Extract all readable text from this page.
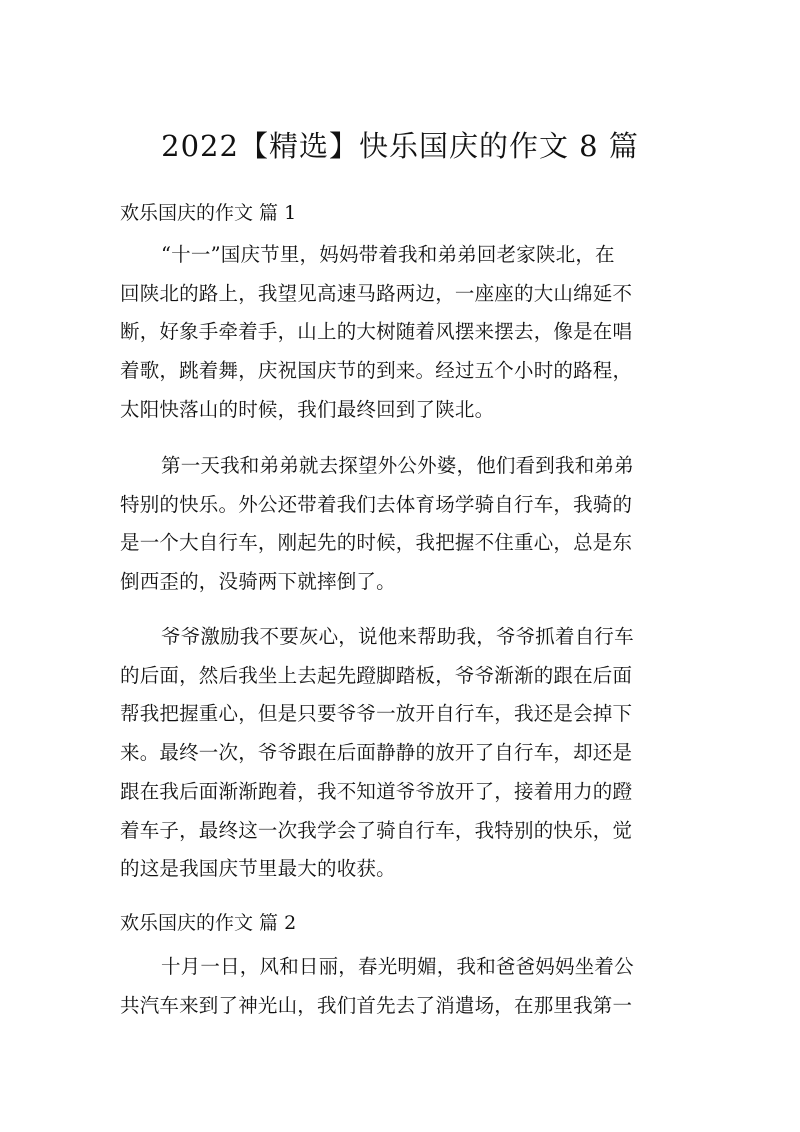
2022【精选】快乐国庆的作文 8 篇
欢乐国庆的作文 篇 1
“十一”国庆节里，妈妈带着我和弟弟回老家陕北，在
回陕北的路上，我望见高速马路两边，一座座的大山绵延不
断，好象手牵着手，山上的大树随着风摆来摆去，像是在唱
着歌，跳着舞，庆祝国庆节的到来。经过五个小时的路程，
太阳快落山的时候，我们最终回到了陕北。
第一天我和弟弟就去探望外公外婆，他们看到我和弟弟
特别的快乐。外公还带着我们去体育场学骑自行车，我骑的
是一个大自行车，刚起先的时候，我把握不住重心，总是东
倒西歪的，没骑两下就摔倒了。
爷爷激励我不要灰心，说他来帮助我，爷爷抓着自行车
的后面，然后我坐上去起先蹬脚踏板，爷爷渐渐的跟在后面
帮我把握重心，但是只要爷爷一放开自行车，我还是会掉下
来。最终一次，爷爷跟在后面静静的放开了自行车，却还是
跟在我后面渐渐跑着，我不知道爷爷放开了，接着用力的蹬
着车子，最终这一次我学会了骑自行车，我特别的快乐，觉
的这是我国庆节里最大的收获。
欢乐国庆的作文 篇 2
十月一日，风和日丽，春光明媚，我和爸爸妈妈坐着公
共汽车来到了神光山，我们首先去了消遣场，在那里我第一
